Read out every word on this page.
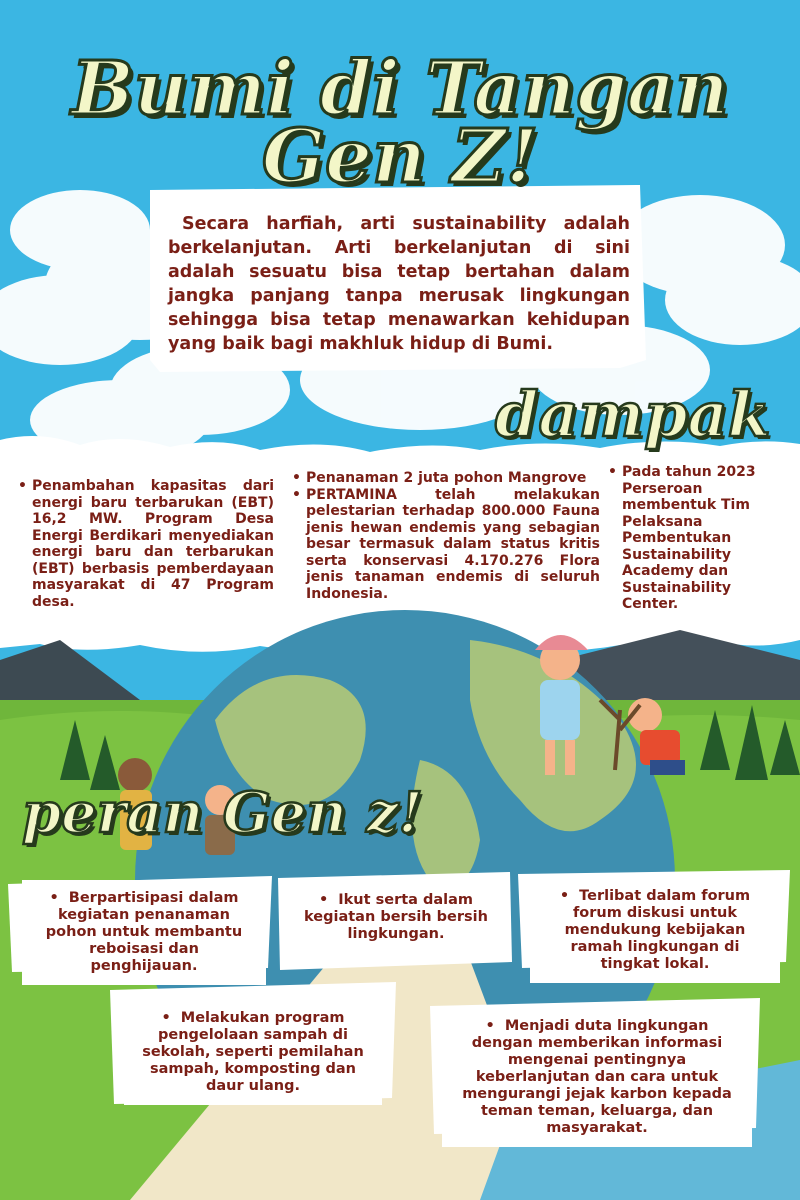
Bumi di Tangan
Gen Z!

Secara harfiah, arti sustainability adalah berkelanjutan. Arti berkelanjutan di sini adalah sesuatu bisa tetap bertahan dalam jangka panjang tanpa merusak lingkungan sehingga bisa tetap menawarkan kehidupan yang baik bagi makhluk hidup di Bumi.

dampak
• Penambahan kapasitas dari energi baru terbarukan (EBT) 16,2 MW. Program Desa Energi Berdikari menyediakan energi baru dan terbarukan (EBT) berbasis pemberdayaan masyarakat di 47 Program desa.
• Penanaman 2 juta pohon Mangrove
• PERTAMINA telah melakukan pelestarian terhadap 800.000 Fauna jenis hewan endemis yang sebagian besar termasuk dalam status kritis serta konservasi 4.170.276 Flora jenis tanaman endemis di seluruh Indonesia.
• Pada tahun 2023 Perseroan membentuk Tim Pelaksana Pembentukan Sustainability Academy dan Sustainability Center.
peran Gen z!
• Berpartisipasi dalam kegiatan penanaman pohon untuk membantu reboisasi dan penghijauan.
• Ikut serta dalam kegiatan bersih bersih lingkungan.
• Terlibat dalam forum forum diskusi untuk mendukung kebijakan ramah lingkungan di tingkat lokal.
• Melakukan program pengelolaan sampah di sekolah, seperti pemilahan sampah, komposting dan daur ulang.
• Menjadi duta lingkungan dengan memberikan informasi mengenai pentingnya keberlanjutan dan cara untuk mengurangi jejak karbon kepada teman teman, keluarga, dan masyarakat.
